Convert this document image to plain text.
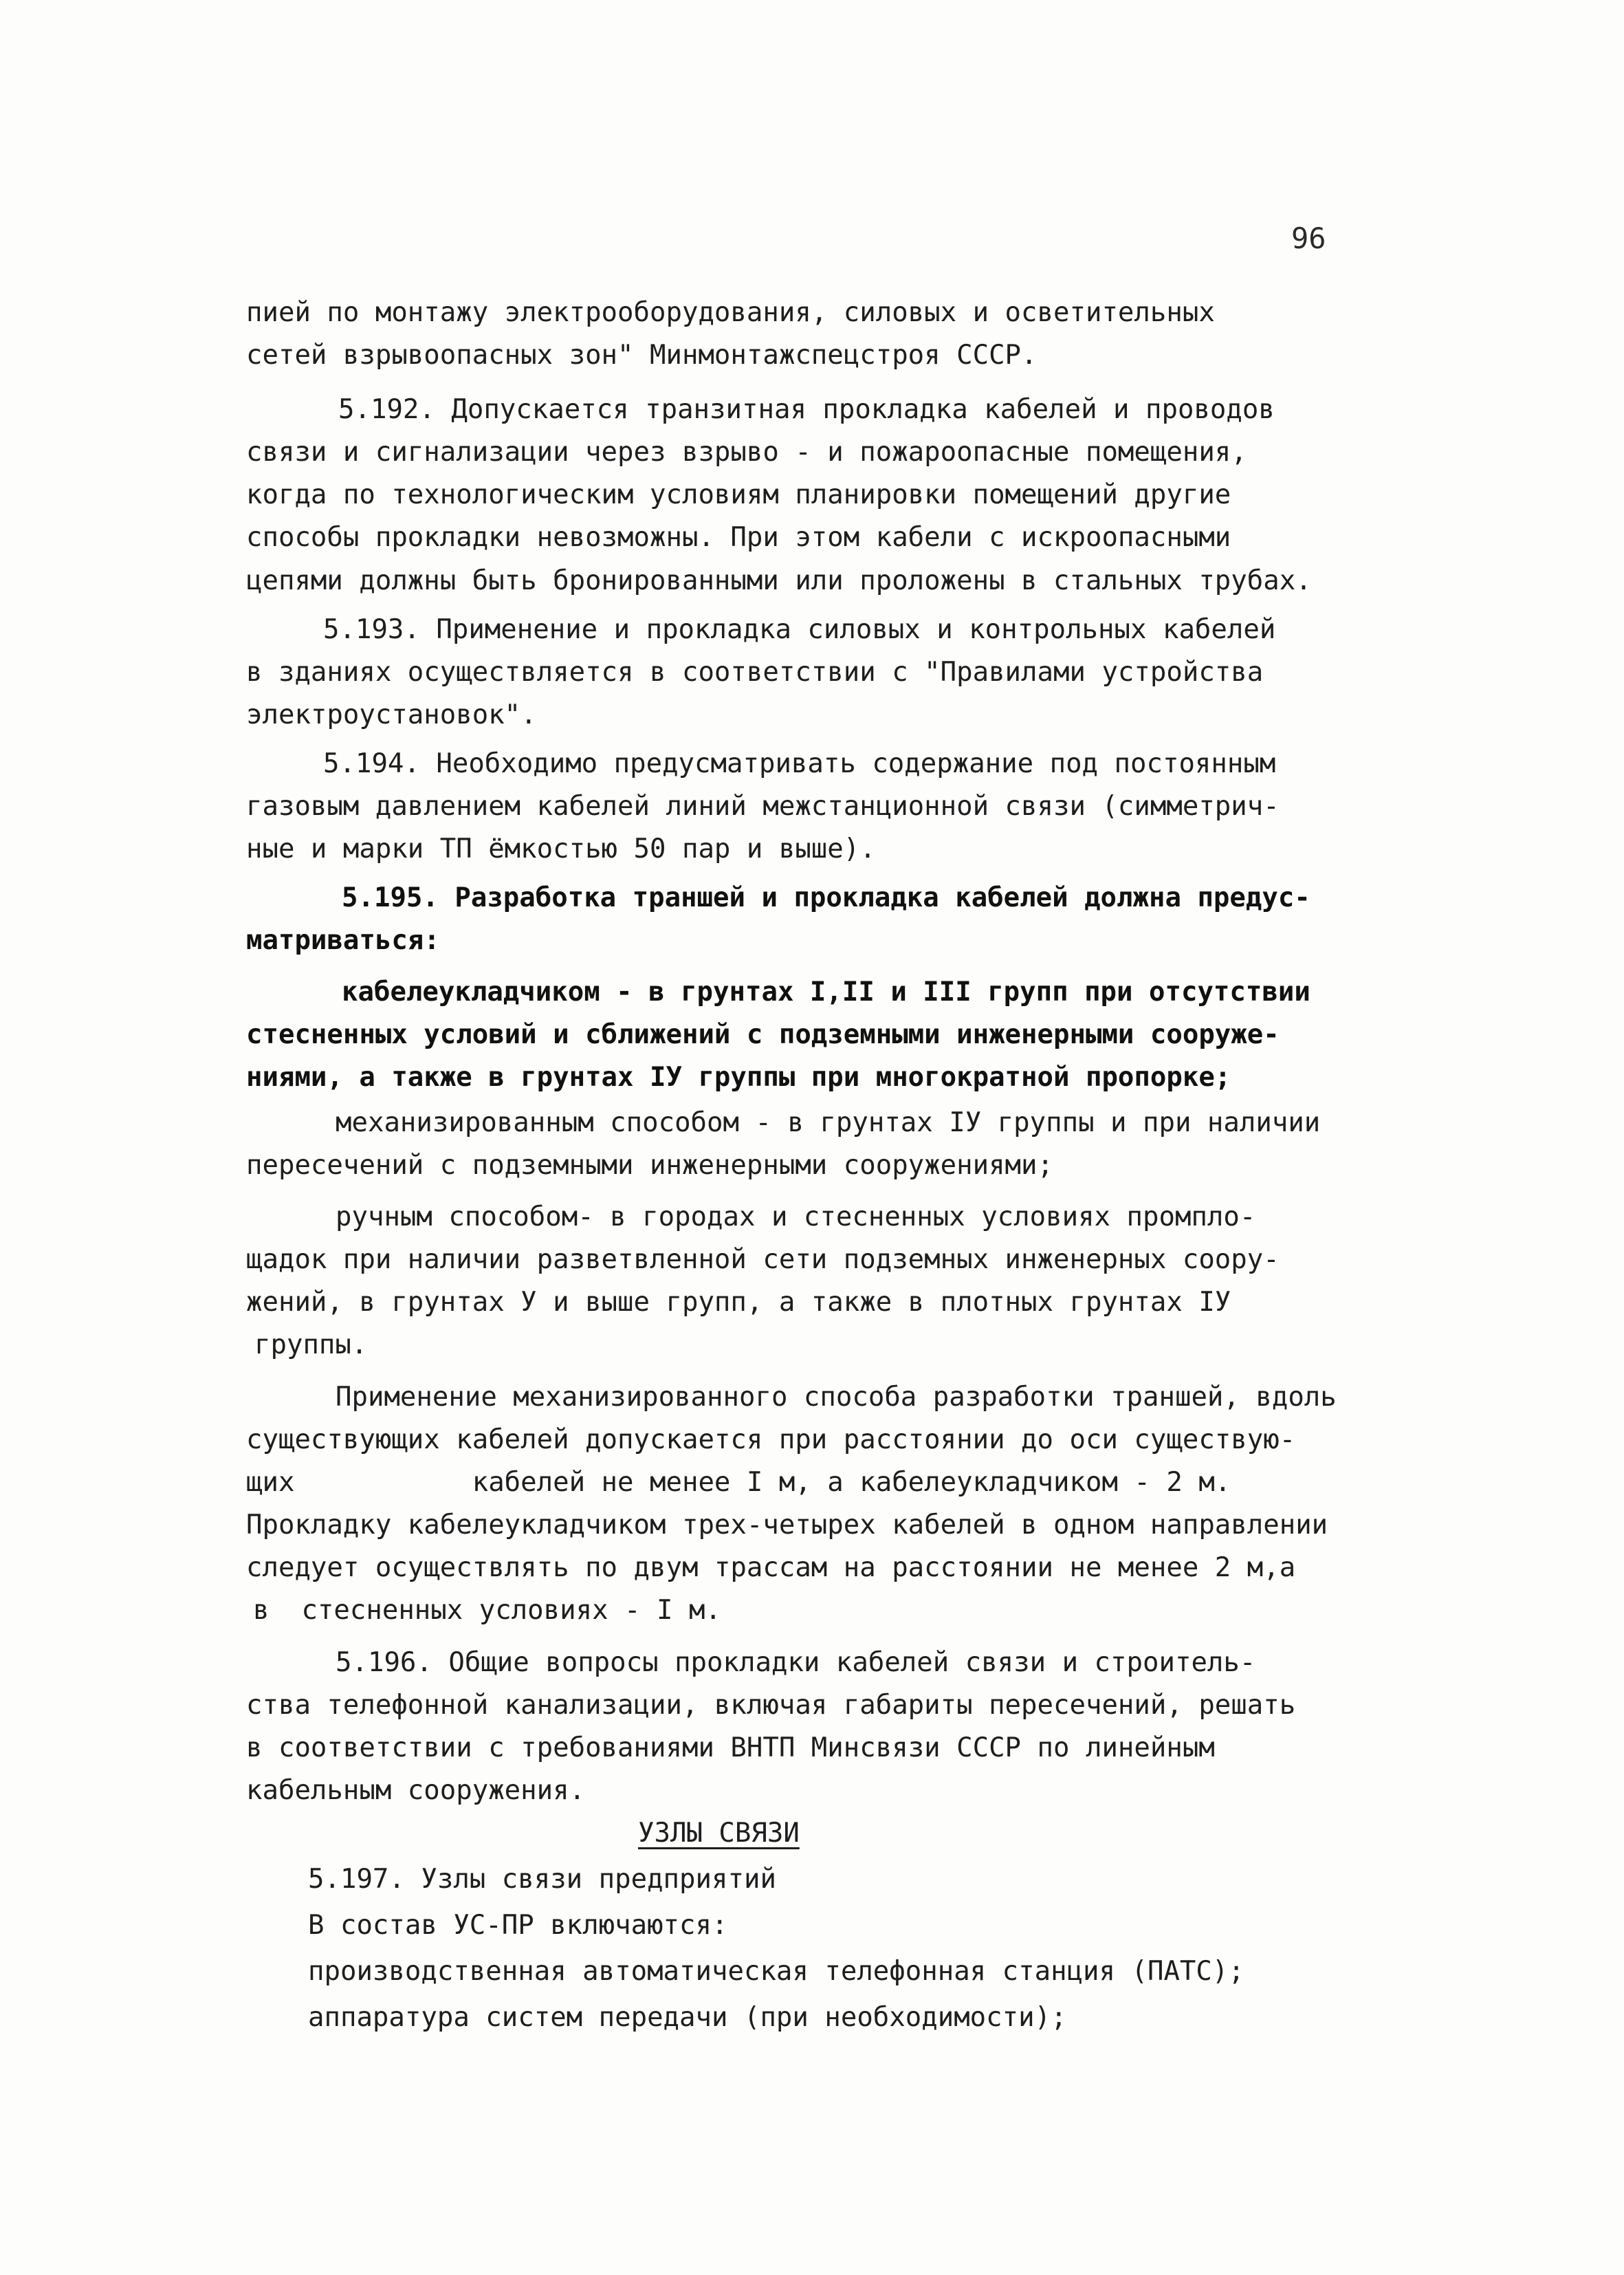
96
пией по монтажу электрооборудования, силовых и осветительных
сетей взрывоопасных зон" Минмонтажспецстроя СССР.
5.192. Допускается транзитная прокладка кабелей и проводов
связи и сигнализации через взрыво - и пожароопасные помещения,
когда по технологическим условиям планировки помещений другие
способы прокладки невозможны. При этом кабели с искроопасными
цепями должны быть бронированными или проложены в стальных трубах.
5.193. Применение и прокладка силовых и контрольных кабелей
в зданиях осуществляется в соответствии с "Правилами устройства
электроустановок".
5.194. Необходимо предусматривать содержание под постоянным
газовым давлением кабелей линий межстанционной связи (симметрич-
ные и марки ТП ёмкостью 50 пар и выше).
5.195. Разработка траншей и прокладка кабелей должна предус-
матриваться:
кабелеукладчиком - в грунтах I,II и III групп при отсутствии
стесненных условий и сближений с подземными инженерными сооруже-
ниями, а также в грунтах IУ группы при многократной пропорке;
механизированным способом - в грунтах IУ группы и при наличии
пересечений с подземными инженерными сооружениями;
ручным способом- в городах и стесненных условиях промпло-
щадок при наличии разветвленной сети подземных инженерных соору-
жений, в грунтах У и выше групп, а также в плотных грунтах IУ
группы.
Применение механизированного способа разработки траншей, вдоль
существующих кабелей допускается при расстоянии до оси существую-
щих           кабелей не менее I м, а кабелеукладчиком - 2 м.
Прокладку кабелеукладчиком трех-четырех кабелей в одном направлении
следует осуществлять по двум трассам на расстоянии не менее 2 м,а
в  стесненных условиях - I м.
5.196. Общие вопросы прокладки кабелей связи и строитель-
ства телефонной канализации, включая габариты пересечений, решать
в соответствии с требованиями ВНТП Минсвязи СССР по линейным
кабельным сооружения.
УЗЛЫ СВЯЗИ
5.197. Узлы связи предприятий
В состав УС-ПР включаются:
производственная автоматическая телефонная станция (ПАТС);
аппаратура систем передачи (при необходимости);
